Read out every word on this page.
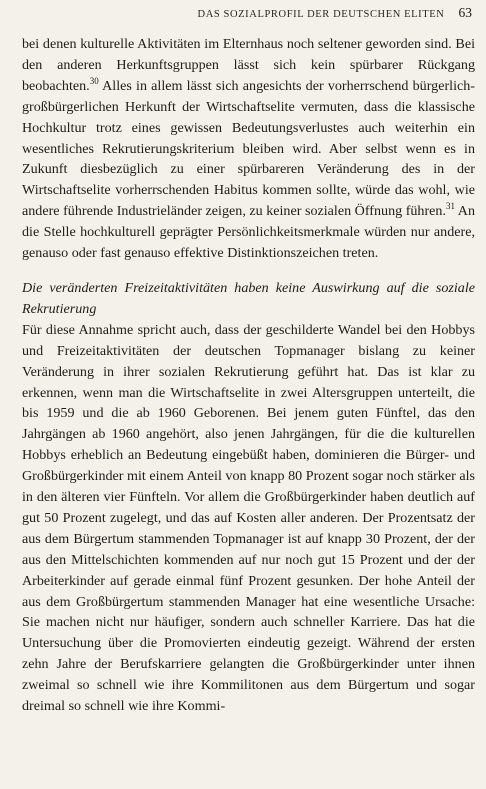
DAS SOZIALPROFIL DER DEUTSCHEN ELITEN 63

bei denen kulturelle Aktivitäten im Elternhaus noch seltener geworden sind. Bei den anderen Herkunftsgruppen lässt sich kein spürbarer Rückgang beobachten.$^{30}$ Alles in allem lässt sich angesichts der vorherrschend bürgerlich-großbürgerlichen Herkunft der Wirtschaftselite vermuten, dass die klassische Hochkultur trotz eines gewissen Bedeutungsverlustes auch weiterhin ein wesentliches Rekrutierungskriterium bleiben wird. Aber selbst wenn es in Zukunft diesbezüglich zu einer spürbareren Veränderung des in der Wirtschaftselite vorherrschenden Habitus kommen sollte, würde das wohl, wie andere führende Industrieländer zeigen, zu keiner sozialen Öffnung führen.$^{31}$ An die Stelle hochkulturell geprägter Persönlichkeitsmerkmale würden nur andere, genauso oder fast genauso effektive Distinktionszeichen treten.

Die veränderten Freizeitaktivitäten haben keine Auswirkung auf die soziale Rekrutierung

Für diese Annahme spricht auch, dass der geschilderte Wandel bei den Hobbys und Freizeitaktivitäten der deutschen Topmanager bislang zu keiner Veränderung in ihrer sozialen Rekrutierung geführt hat. Das ist klar zu erkennen, wenn man die Wirtschaftselite in zwei Altersgruppen unterteilt, die bis 1959 und die ab 1960 Geborenen. Bei jenem guten Fünftel, das den Jahrgängen ab 1960 angehört, also jenen Jahrgängen, für die die kulturellen Hobbys erheblich an Bedeutung eingebüßt haben, dominieren die Bürger- und Großbürgerkinder mit einem Anteil von knapp 80 Prozent sogar noch stärker als in den älteren vier Fünfteln. Vor allem die Großbürgerkinder haben deutlich auf gut 50 Prozent zugelegt, und das auf Kosten aller anderen. Der Prozentsatz der aus dem Bürgertum stammenden Topmanager ist auf knapp 30 Prozent, der der aus den Mittelschichten kommenden auf nur noch gut 15 Prozent und der der Arbeiterkinder auf gerade einmal fünf Prozent gesunken. Der hohe Anteil der aus dem Großbürgertum stammenden Manager hat eine wesentliche Ursache: Sie machen nicht nur häufiger, sondern auch schneller Karriere. Das hat die Untersuchung über die Promovierten eindeutig gezeigt. Während der ersten zehn Jahre der Berufskarriere gelangten die Großbürgerkinder unter ihnen zweimal so schnell wie ihre Kommilitonen aus dem Bürgertum und sogar dreimal so schnell wie ihre Kommi-
